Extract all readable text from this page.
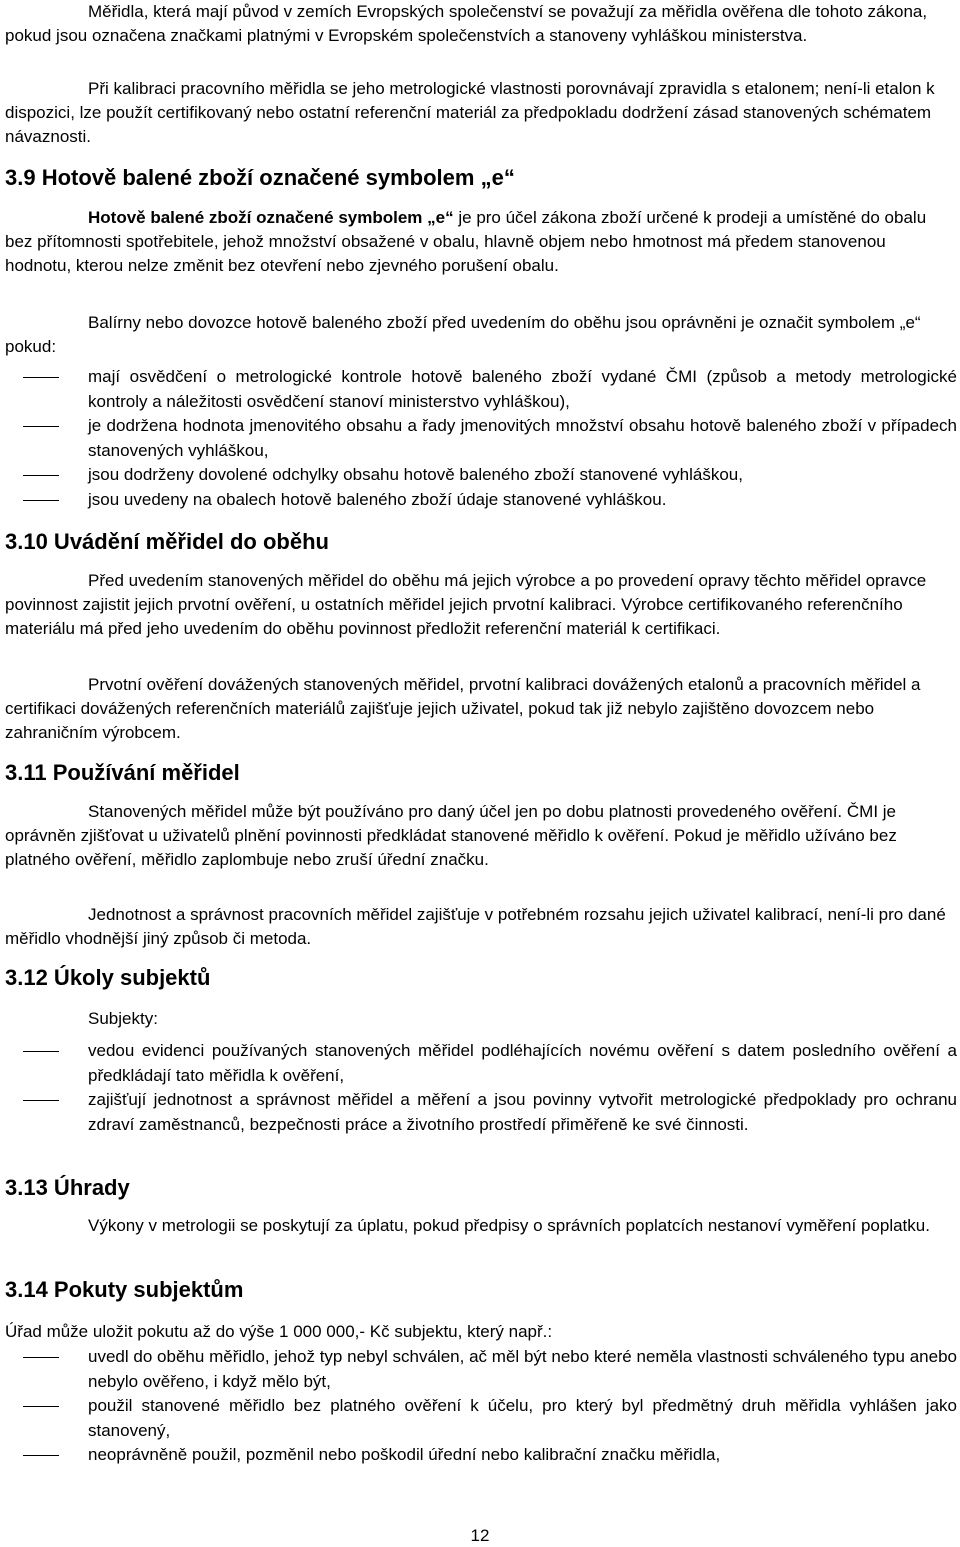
Měřidla, která mají původ v zemích Evropských společenství se považují za měřidla ověřena dle tohoto zákona, pokud jsou označena značkami platnými v Evropském společenstvích a stanoveny vyhláškou ministerstva.
Při kalibraci pracovního měřidla se jeho metrologické vlastnosti porovnávají zpravidla s etalonem; není-li etalon k dispozici, lze použít certifikovaný nebo ostatní referenční materiál za předpokladu dodržení zásad stanovených schématem návaznosti.
3.9 Hotově balené zboží označené symbolem „e“
Hotově balené zboží označené symbolem „e“ je pro účel zákona zboží určené k prodeji a umístěné do obalu bez přítomnosti spotřebitele, jehož množství obsažené v obalu, hlavně objem nebo hmotnost má předem stanovenou hodnotu, kterou nelze změnit bez otevření nebo zjevného porušení obalu.
Balírny nebo dovozce hotově baleného zboží před uvedením do oběhu jsou oprávněni je označit symbolem „e“ pokud:
mají osvědčení o metrologické kontrole hotově baleného zboží vydané ČMI (způsob a metody metrologické kontroly a náležitosti osvědčení stanoví ministerstvo vyhláškou),
je dodržena hodnota jmenovitého obsahu a řady jmenovitých množství obsahu hotově baleného zboží v případech stanovených vyhláškou,
jsou dodrženy dovolené odchylky obsahu hotově baleného zboží stanovené vyhláškou,
jsou uvedeny na obalech hotově baleného zboží údaje stanovené vyhláškou.
3.10 Uvádění měřidel do oběhu
Před uvedením stanovených měřidel do oběhu má jejich výrobce a po provedení opravy těchto měřidel opravce povinnost zajistit jejich prvotní ověření, u ostatních měřidel jejich prvotní kalibraci. Výrobce certifikovaného referenčního materiálu má před jeho uvedením do oběhu povinnost předložit referenční materiál k certifikaci.
Prvotní ověření dovážených stanovených měřidel, prvotní kalibraci dovážených etalonů a pracovních měřidel a certifikaci dovážených referenčních materiálů zajišťuje jejich uživatel, pokud tak již nebylo zajištěno dovozcem nebo zahraničním výrobcem.
3.11 Používání měřidel
Stanovených měřidel může být používáno pro daný účel jen po dobu platnosti provedeného ověření. ČMI je oprávněn zjišťovat u uživatelů plnění povinnosti předkládat stanovené měřidlo k ověření. Pokud je měřidlo užíváno bez platného ověření, měřidlo zaplombuje nebo zruší úřední značku.
Jednotnost a správnost pracovních měřidel zajišťuje v potřebném rozsahu jejich uživatel kalibrací, není-li pro dané měřidlo vhodnější jiný způsob či metoda.
3.12 Úkoly subjektů
Subjekty:
vedou evidenci používaných stanovených měřidel podléhajících novému ověření s datem posledního ověření a předkládají tato měřidla k ověření,
zajišťují jednotnost a správnost měřidel a měření a jsou povinny vytvořit metrologické předpoklady pro ochranu zdraví zaměstnanců, bezpečnosti práce a životního prostředí přiměřeně ke své činnosti.
3.13 Úhrady
Výkony v metrologii se poskytují za úplatu, pokud předpisy o správních poplatcích nestanoví vyměření poplatku.
3.14 Pokuty subjektům
Úřad může uložit pokutu až do výše 1 000 000,- Kč subjektu, který např.:
uvedl do oběhu měřidlo, jehož typ nebyl schválen, ač měl být nebo které neměla vlastnosti schváleného typu anebo nebylo ověřeno, i když mělo být,
použil stanovené měřidlo bez platného ověření k účelu, pro který byl předmětný druh měřidla vyhlášen jako stanovený,
neoprávněně použil, pozměnil nebo poškodil úřední nebo kalibrační značku měřidla,
12
